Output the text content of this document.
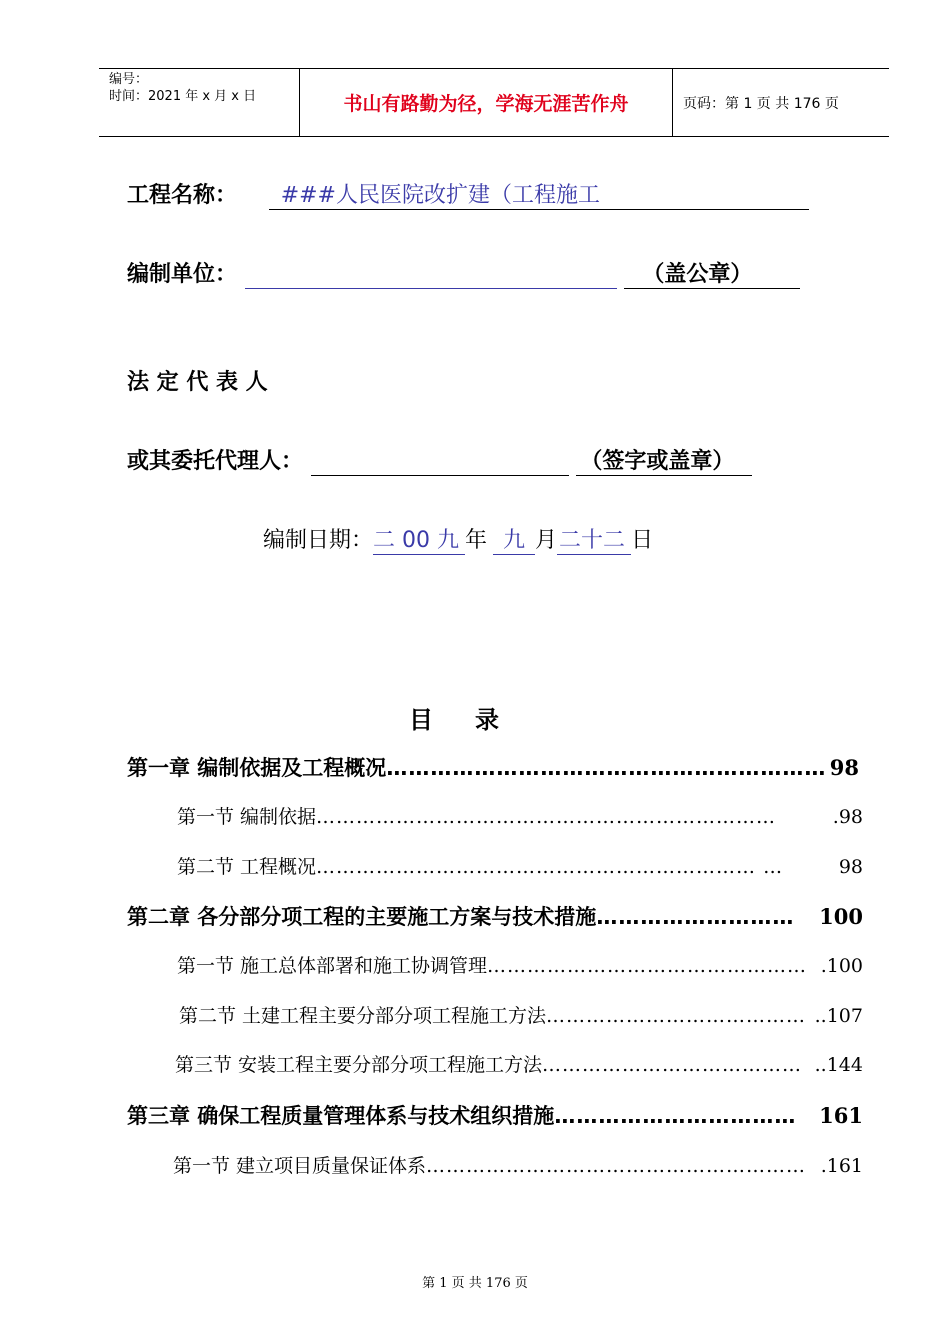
编号：
时间：2021 年 x 月 x 日	书山有路勤为径，学海无涯苦作舟	页码：第 1 页 共 176 页
工程名称： ###人民医院改扩建（工程施工
编制单位：	（盖公章）
法 定 代 表 人
或其委托代理人：	（签字或盖章）
编制日期：二 00 九 年 九 月二十二 日
目录
第一章 编制依据及工程概况 …………………………………………………… 98
第一节 编制依据 ……………………………………………………………	.98
第二节 工程概况 ………………………………………………………… …	98
第二章 各分部分项工程的主要施工方案与技术措施 ………………………	100
第一节 施工总体部署和施工协调管理 ………………………………………… .100
第二节 土建工程主要分部分项工程施工方法 ………………………………… ..107
第三节 安装工程主要分部分项工程施工方法 ………………………………… ..144
第三章 确保工程质量管理体系与技术组织措施 ……………………………	161
第一节 建立项目质量保证体系 ………………………………………………… .161
第 1 页 共 176 页
